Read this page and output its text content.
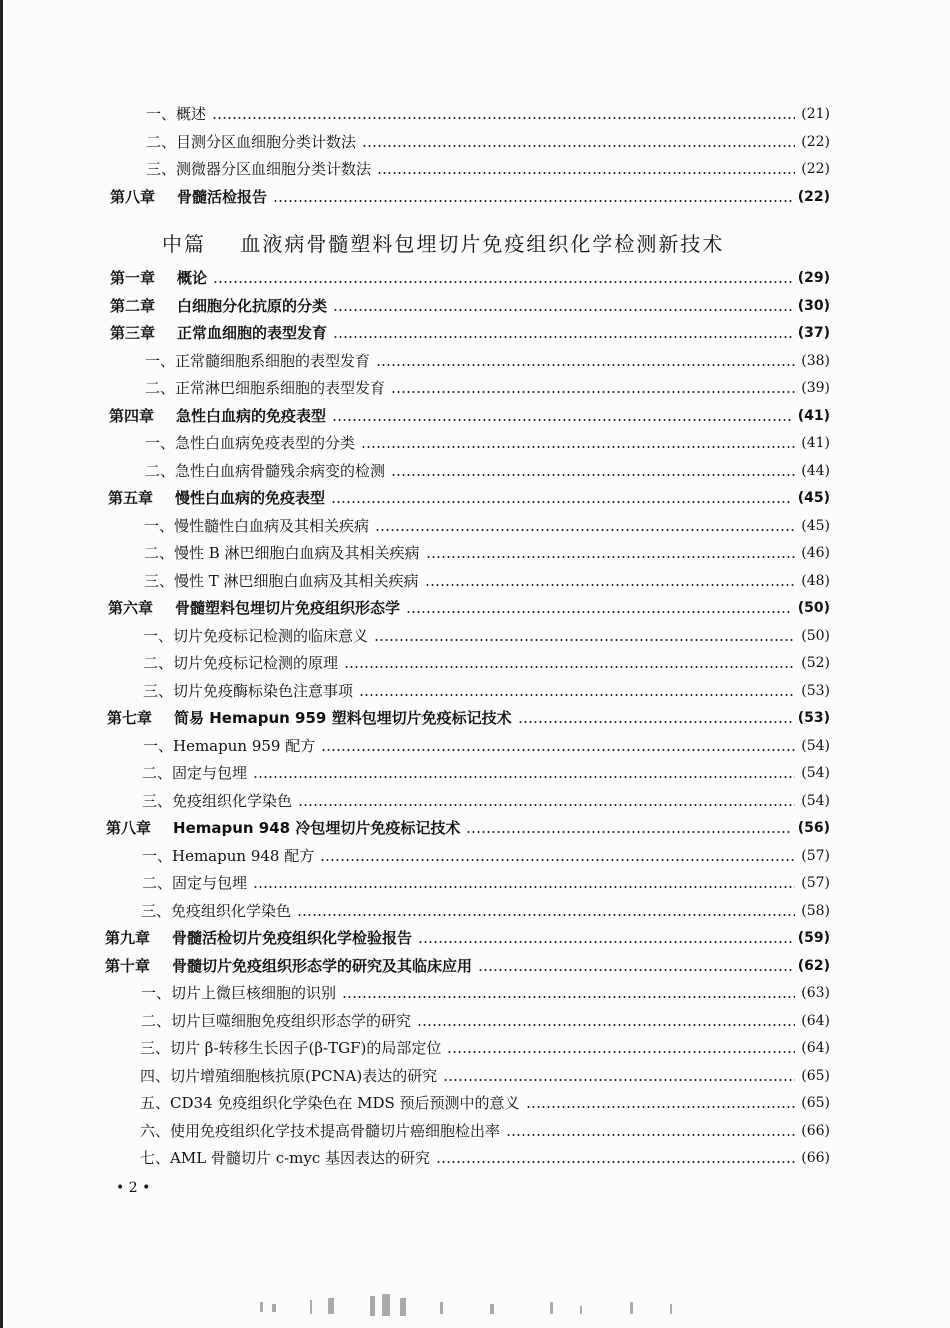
一、概述	(21)
二、目测分区血细胞分类计数法	(22)
三、测微器分区血细胞分类计数法	(22)
第八章 骨髓活检报告	(22)
第一章 概论	(29)
第二章 白细胞分化抗原的分类	(30)
第三章 正常血细胞的表型发育	(37)
一、正常髓细胞系细胞的表型发育	(38)
二、正常淋巴细胞系细胞的表型发育	(39)
第四章 急性白血病的免疫表型	(41)
一、急性白血病免疫表型的分类	(41)
二、急性白血病骨髓残余病变的检测	(44)
第五章 慢性白血病的免疫表型	(45)
一、慢性髓性白血病及其相关疾病	(45)
二、慢性 B 淋巴细胞白血病及其相关疾病	(46)
三、慢性 T 淋巴细胞白血病及其相关疾病	(48)
第六章 骨髓塑料包埋切片免疫组织形态学	(50)
一、切片免疫标记检测的临床意义	(50)
二、切片免疫标记检测的原理	(52)
三、切片免疫酶标染色注意事项	(53)
第七章 简易 Hemapun 959 塑料包埋切片免疫标记技术	(53)
一、Hemapun 959 配方	(54)
二、固定与包埋	(54)
三、免疫组织化学染色	(54)
第八章 Hemapun 948 冷包埋切片免疫标记技术	(56)
一、Hemapun 948 配方	(57)
二、固定与包埋	(57)
三、免疫组织化学染色	(58)
第九章 骨髓活检切片免疫组织化学检验报告	(59)
第十章 骨髓切片免疫组织形态学的研究及其临床应用	(62)
一、切片上微巨核细胞的识别	(63)
二、切片巨噬细胞免疫组织形态学的研究	(64)
三、切片 β-转移生长因子(β-TGF)的局部定位	(64)
四、切片增殖细胞核抗原(PCNA)表达的研究	(65)
五、CD34 免疫组织化学染色在 MDS 预后预测中的意义	(65)
六、使用免疫组织化学技术提高骨髓切片癌细胞检出率	(66)
七、AML 骨髓切片 c-myc 基因表达的研究	(66)
中篇 血液病骨髓塑料包埋切片免疫组织化学检测新技术
• 2 •
